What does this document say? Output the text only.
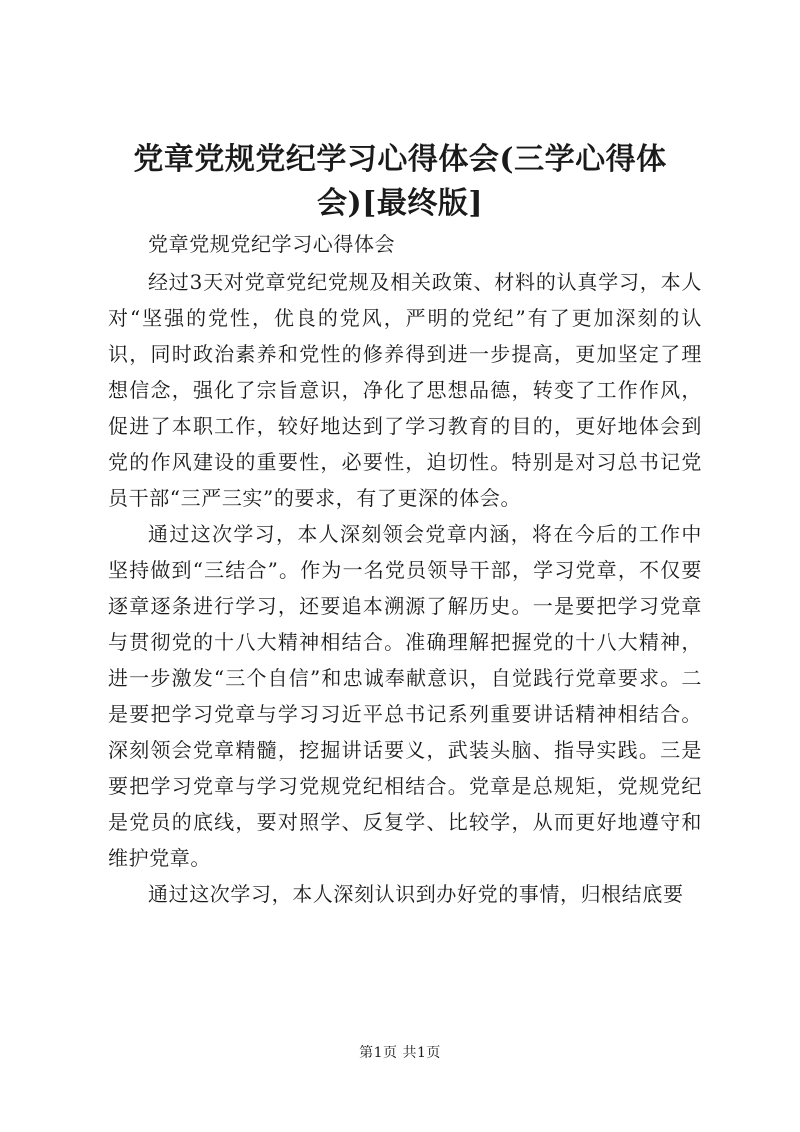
党章党规党纪学习心得体会(三学心得体
会)[最终版]
党章党规党纪学习心得体会

经过3天对党章党纪党规及相关政策、材料的认真学习，本人对“坚强的党性，优良的党风，严明的党纪”有了更加深刻的认识，同时政治素养和党性的修养得到进一步提高，更加坚定了理想信念，强化了宗旨意识，净化了思想品德，转变了工作作风，促进了本职工作，较好地达到了学习教育的目的，更好地体会到党的作风建设的重要性，必要性，迫切性。特别是对习总书记党员干部“三严三实”的要求，有了更深的体会。

通过这次学习，本人深刻领会党章内涵，将在今后的工作中坚持做到“三结合”。作为一名党员领导干部，学习党章，不仅要逐章逐条进行学习，还要追本溯源了解历史。一是要把学习党章与贯彻党的十八大精神相结合。准确理解把握党的十八大精神，进一步激发“三个自信”和忠诚奉献意识，自觉践行党章要求。二是要把学习党章与学习习近平总书记系列重要讲话精神相结合。深刻领会党章精髓，挖掘讲话要义，武装头脑、指导实践。三是要把学习党章与学习党规党纪相结合。党章是总规矩，党规党纪是党员的底线，要对照学、反复学、比较学，从而更好地遵守和维护党章。

通过这次学习，本人深刻认识到办好党的事情，归根结底要

第1页 共1页
